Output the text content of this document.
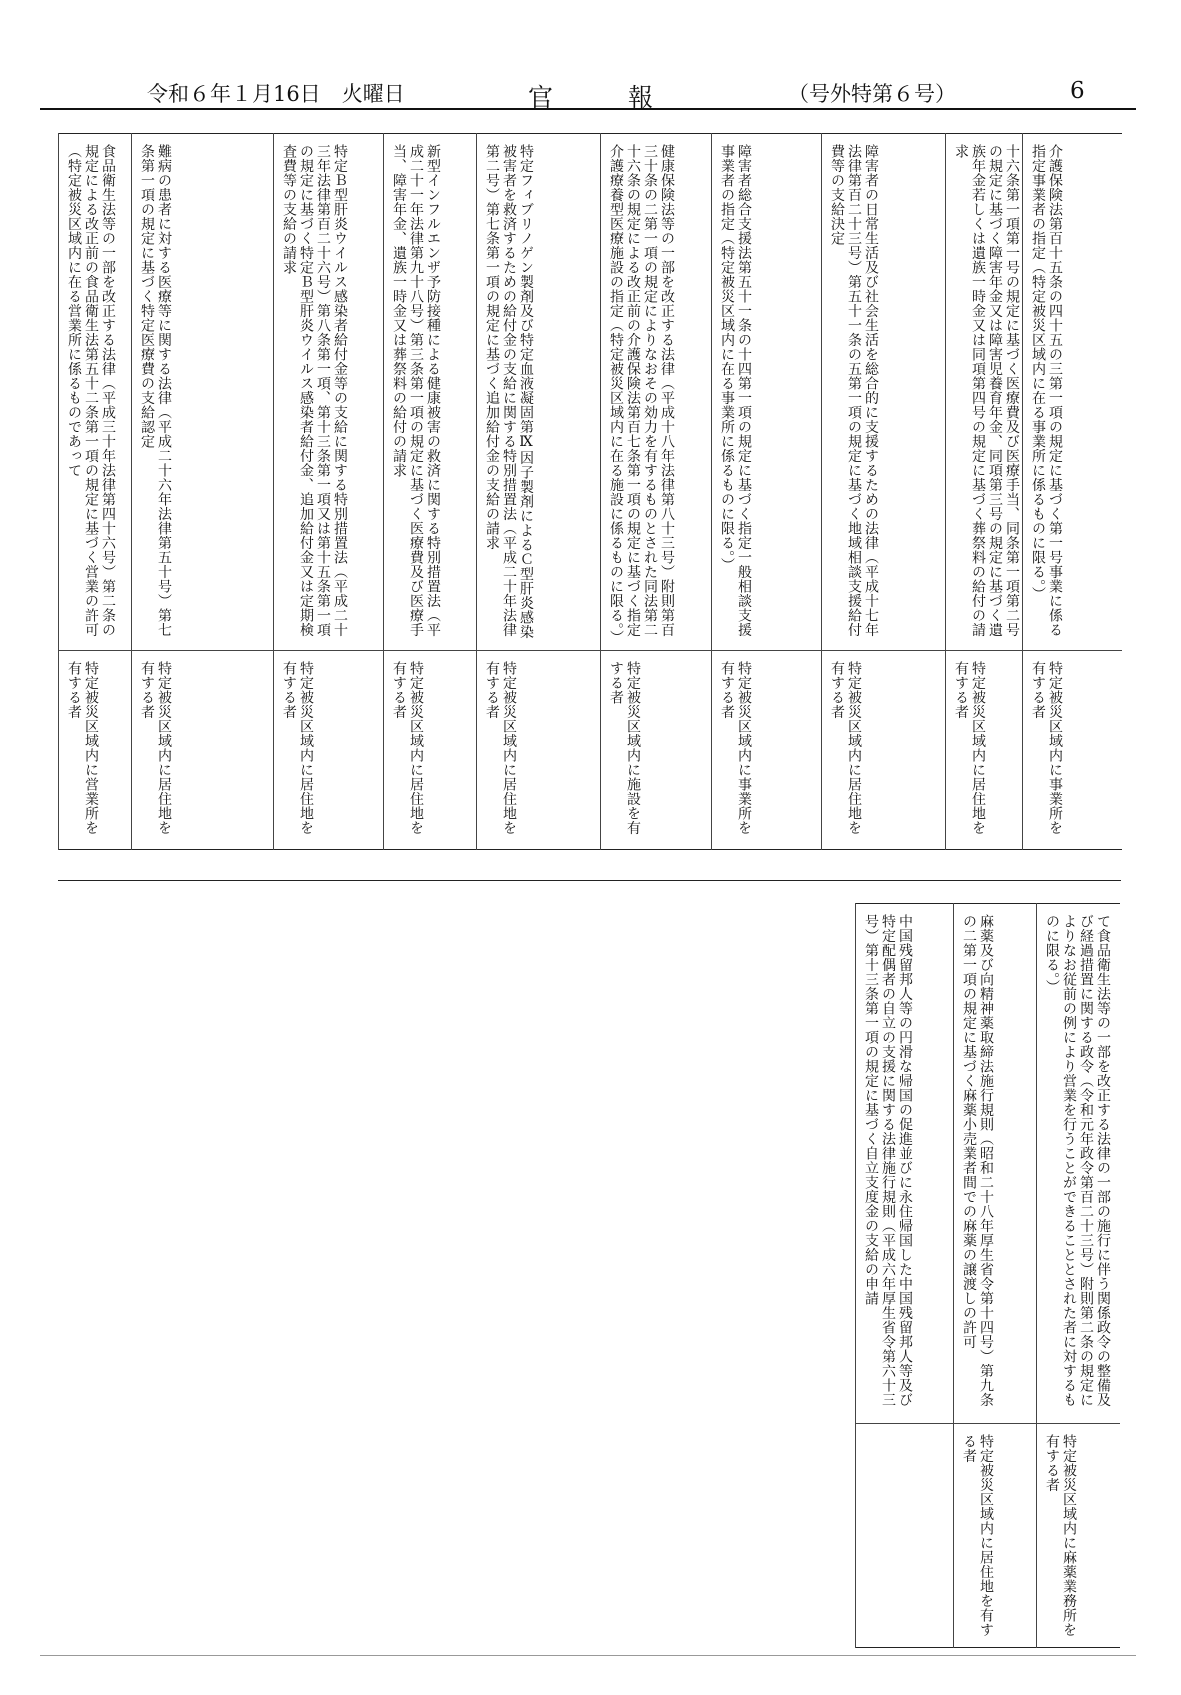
令和６年１月16日　火曜日	官	報	（号外特第６号）	6
食品衛生法等の一部を改正する法律（平成三十年法律第四十六号）第二条の規定による改正前の食品衛生法第五十二条第一項の規定に基づく営業の許可（特定被災区域内に在る営業所に係るものであって	難病の患者に対する医療等に関する法律（平成二十六年法律第五十号）第七条第一項の規定に基づく特定医療費の支給認定	特定Ｂ型肝炎ウイルス感染者給付金等の支給に関する特別措置法（平成二十三年法律第百二十六号）第八条第一項、第十三条第一項又は第十五条第一項の規定に基づく特定Ｂ型肝炎ウイルス感染者給付金、追加給付金又は定期検査費等の支給の請求	新型インフルエンザ予防接種による健康被害の救済に関する特別措置法（平成二十一年法律第九十八号）第三条第一項の規定に基づく医療費及び医療手当、障害年金、遺族一時金又は葬祭料の給付の請求	特定フィブリノゲン製剤及び特定血液凝固第Ⅸ因子製剤によるＣ型肝炎感染被害者を救済するための給付金の支給に関する特別措置法（平成二十年法律第二号）第七条第一項の規定に基づく追加給付金の支給の請求	健康保険法等の一部を改正する法律（平成十八年法律第八十三号）附則第百三十条の二第一項の規定によりなおその効力を有するものとされた同法第二十六条の規定による改正前の介護保険法第百七条第一項の規定に基づく指定介護療養型医療施設の指定（特定被災区域内に在る施設に係るものに限る。）	障害者総合支援法第五十一条の十四第一項の規定に基づく指定一般相談支援事業者の指定（特定被災区域内に在る事業所に係るものに限る。）	障害者の日常生活及び社会生活を総合的に支援するための法律（平成十七年法律第百二十三号）第五十一条の五第一項の規定に基づく地域相談支援給付費等の支給決定	十六条第一項第一号の規定に基づく医療費及び医療手当、同条第一項第二号の規定に基づく障害年金又は障害児養育年金、同項第三号の規定に基づく遺族年金若しくは遺族一時金又は同項第四号の規定に基づく葬祭料の給付の請求	介護保険法第百十五条の四十五の三第一項の規定に基づく第一号事業に係る指定事業者の指定（特定被災区域内に在る事業所に係るものに限る。）

特定被災区域内に営業所を有する者	特定被災区域内に居住地を有する者	特定被災区域内に居住地を有する者	特定被災区域内に居住地を有する者	特定被災区域内に居住地を有する者	特定被災区域内に施設を有する者	特定被災区域内に事業所を有する者	特定被災区域内に居住地を有する者	特定被災区域内に居住地を有する者	特定被災区域内に事業所を有する者
中国残留邦人等の円滑な帰国の促進並びに永住帰国した中国残留邦人等及び特定配偶者の自立の支援に関する法律施行規則（平成六年厚生省令第六十三号）第十三条第一項の規定に基づく自立支度金の支給の申請	麻薬及び向精神薬取締法施行規則（昭和二十八年厚生省令第十四号）第九条の二第一項の規定に基づく麻薬小売業者間での麻薬の譲渡しの許可	て食品衛生法等の一部を改正する法律の一部の施行に伴う関係政令の整備及び経過措置に関する政令（令和元年政令第百二十三号）附則第二条の規定によりなお従前の例により営業を行うことができることとされた者に対するものに限る。）

	特定被災区域内に居住地を有する者	特定被災区域内に麻薬業務所を有する者
